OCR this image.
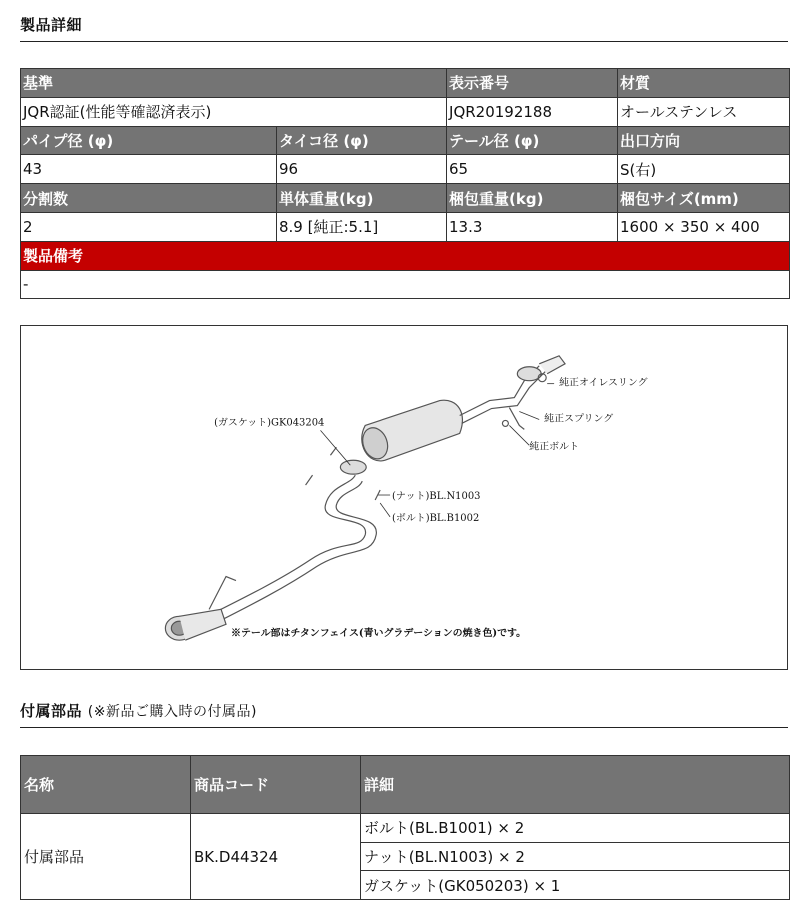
製品詳細
基準		表示番号	材質
JQR認証(性能等確認済表示)		JQR20192188	オールステンレス
パイプ径 (φ)	タイコ径 (φ)	テール径 (φ)	出口方向
43	96	65	S(右)
分割数	単体重量(kg)	梱包重量(kg)	梱包サイズ(mm)
2	8.9 [純正:5.1]	13.3	1600 × 350 × 400
製品備考			
-			
純正オイレスリング
純正スプリング
純正ボルト
(ガスケット)GK043204
(ナット)BL.N1003
(ボルト)BL.B1002
※テール部はチタンフェイス(青いグラデーションの焼き色)です。
付属部品 (※新品ご購入時の付属品)
名称	商品コード	詳細
付属部品	BK.D44324	ボルト(BL.B1001) × 2
		ナット(BL.N1003) × 2
		ガスケット(GK050203) × 1
